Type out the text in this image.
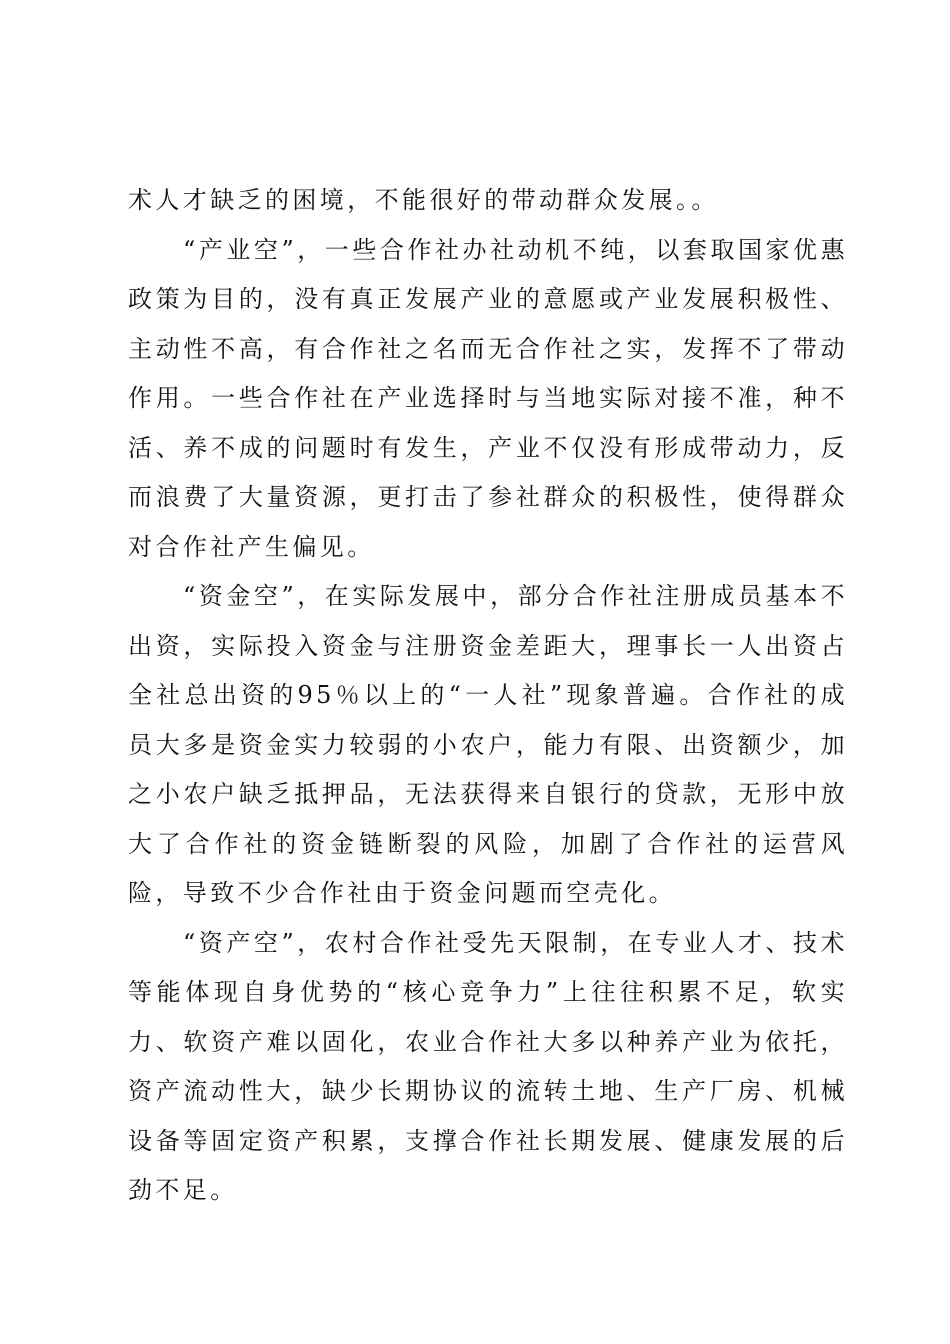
术人才缺乏的困境，不能很好的带动群众发展。。

“产业空”，一些合作社办社动机不纯，以套取国家优惠政策为目的，没有真正发展产业的意愿或产业发展积极性、主动性不高，有合作社之名而无合作社之实，发挥不了带动作用。一些合作社在产业选择时与当地实际对接不准，种不活、养不成的问题时有发生，产业不仅没有形成带动力，反而浪费了大量资源，更打击了参社群众的积极性，使得群众对合作社产生偏见。

“资金空”，在实际发展中，部分合作社注册成员基本不出资，实际投入资金与注册资金差距大，理事长一人出资占全社总出资的95％以上的“一人社”现象普遍。合作社的成员大多是资金实力较弱的小农户，能力有限、出资额少，加之小农户缺乏抵押品，无法获得来自银行的贷款，无形中放大了合作社的资金链断裂的风险，加剧了合作社的运营风险，导致不少合作社由于资金问题而空壳化。

“资产空”，农村合作社受先天限制，在专业人才、技术等能体现自身优势的“核心竞争力”上往往积累不足，软实力、软资产难以固化，农业合作社大多以种养产业为依托，资产流动性大，缺少长期协议的流转土地、生产厂房、机械设备等固定资产积累，支撑合作社长期发展、健康发展的后劲不足。
